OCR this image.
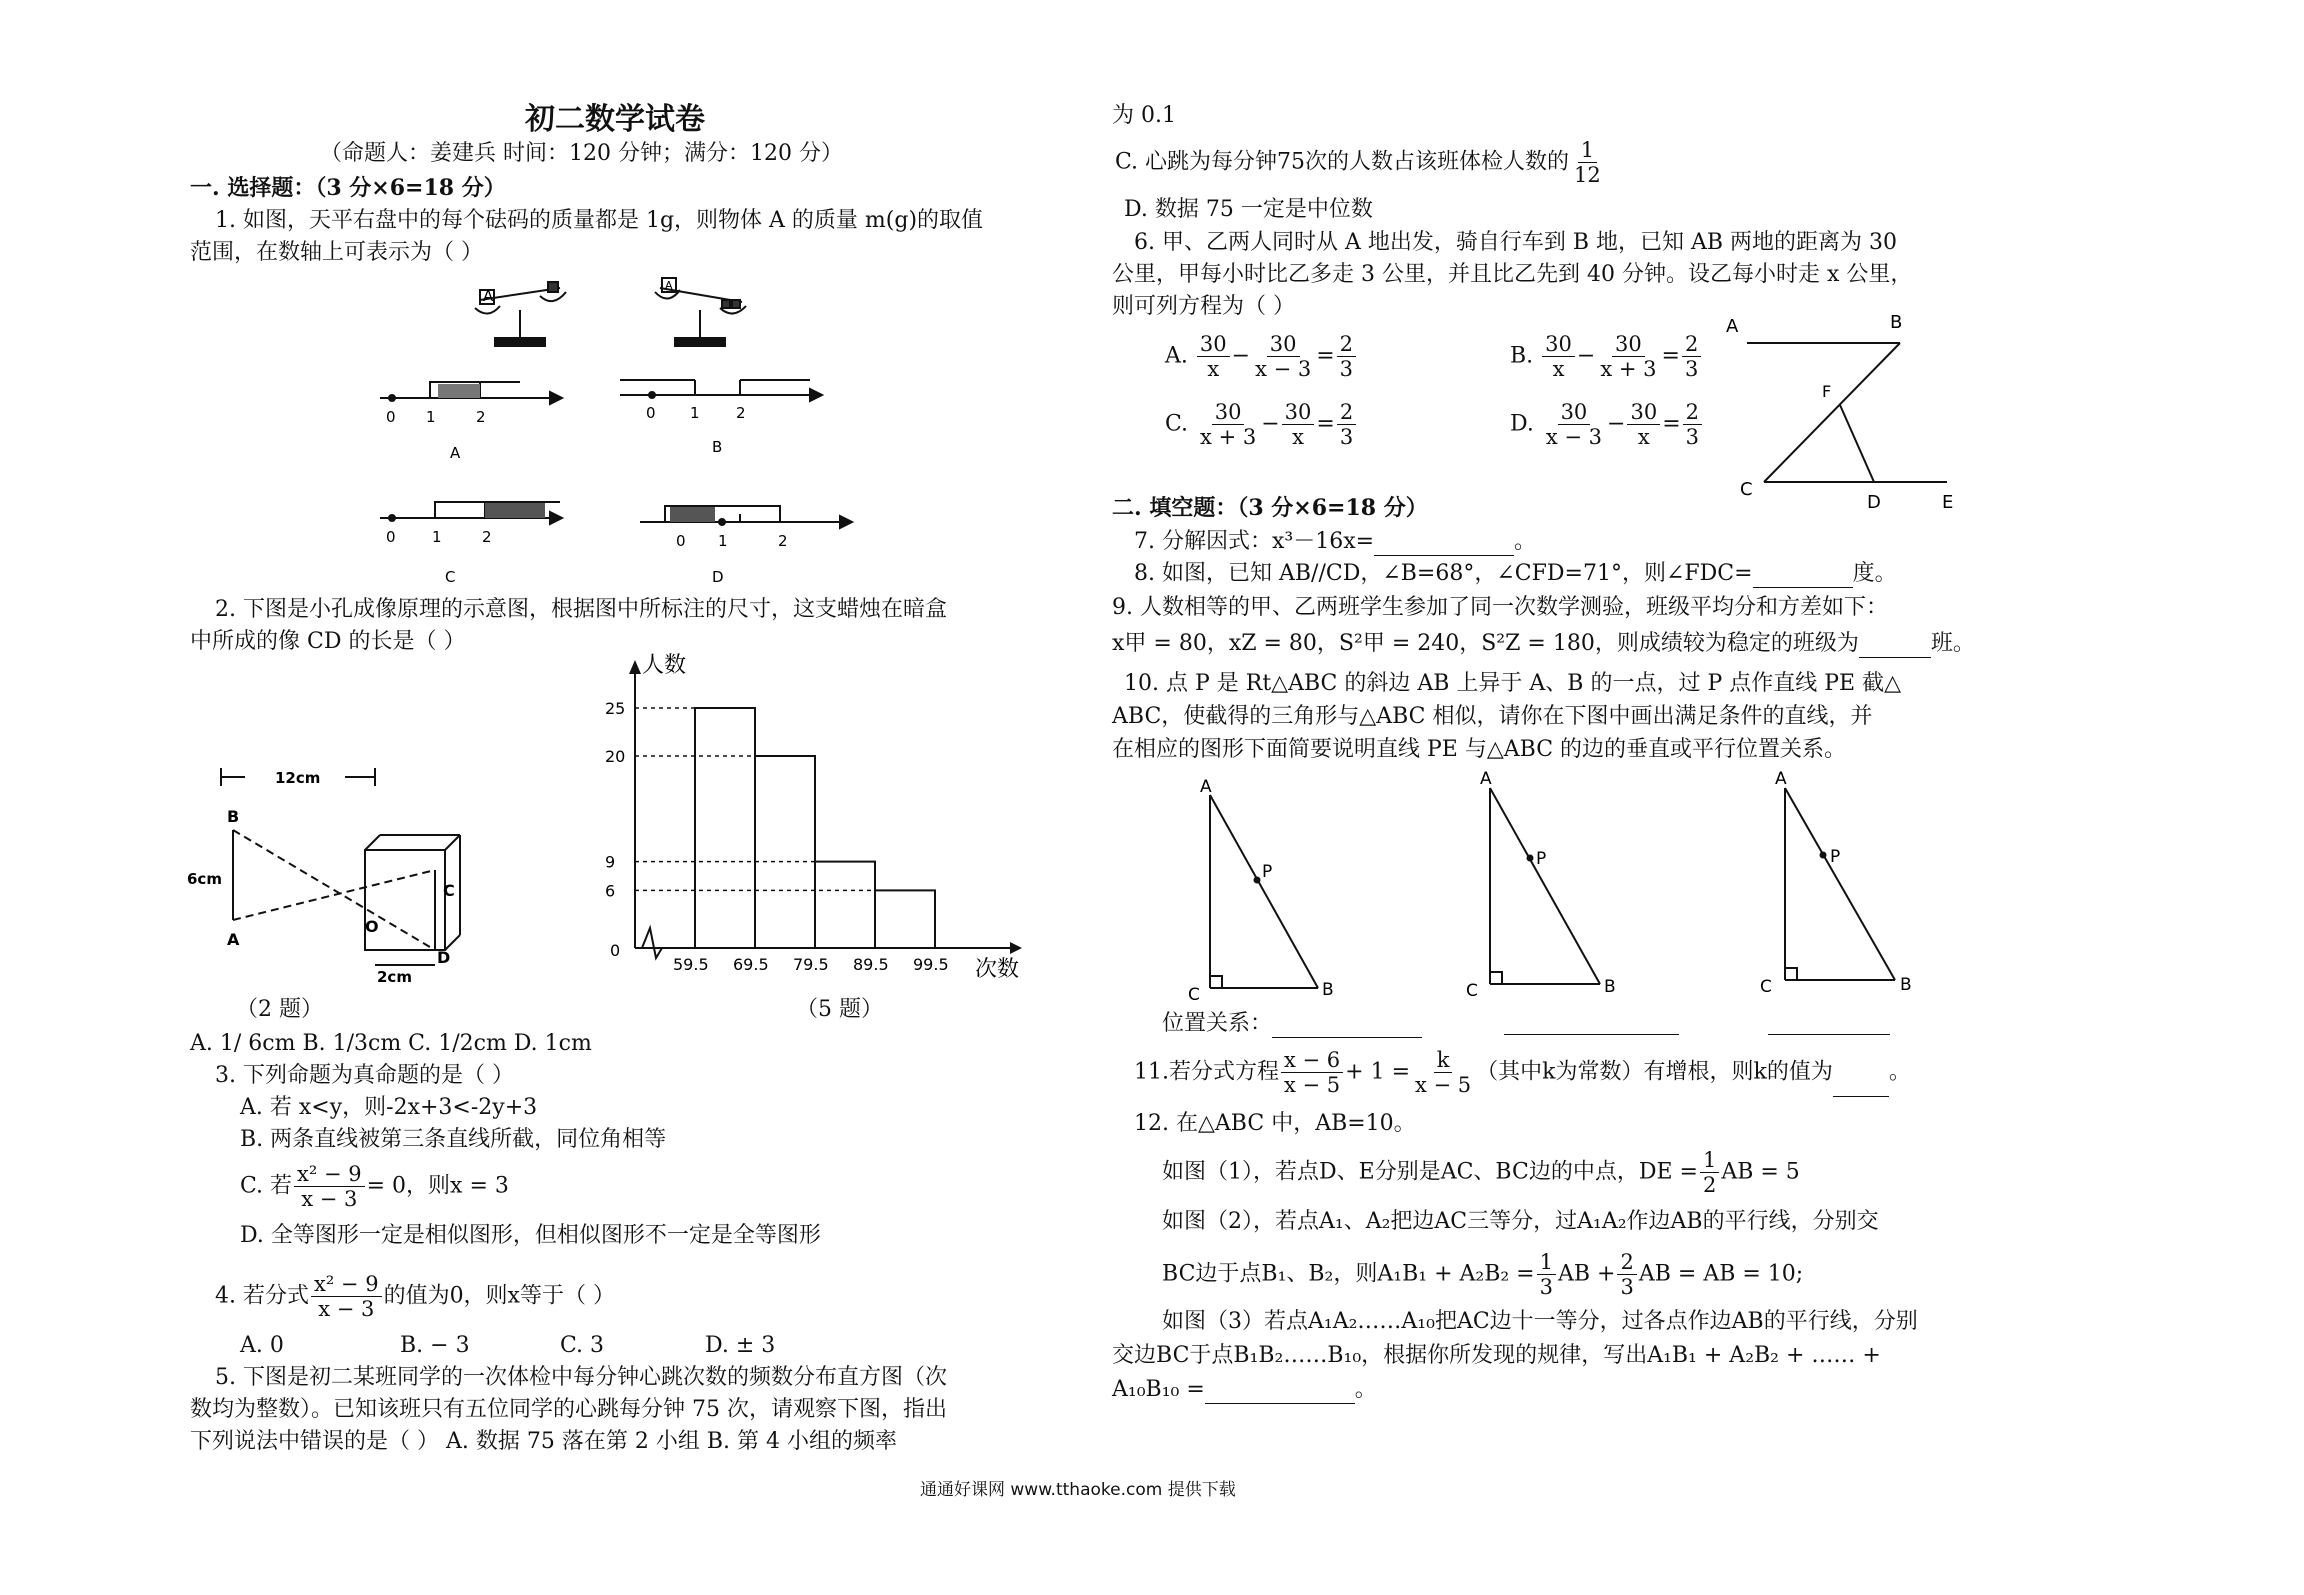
初二数学试卷
（命题人：姜建兵 时间：120 分钟；满分：120 分）
一. 选择题：（3 分×6=18 分）
1. 如图，天平右盘中的每个砝码的质量都是 1g，则物体 A 的质量 m(g)的取值
范围，在数轴上可表示为（ ）
A
A
0 1	2
A
0 1 2
B
0 1	2
C
0 1	2
D
2. 下图是小孔成像原理的示意图，根据图中所标注的尺寸，这支蜡烛在暗盒
中所成的像 CD 的长是（ ）
12cm
6cm
2cm
B
A
C
D
O
（2 题）
0
6
9
20
25
59.5 69.5 79.5 89.5 99.5
人数
次数
（5 题）
A. 1/ 6cm B. 1/3cm C. 1/2cm D. 1cm
3. 下列命题为真命题的是（ ）
A. 若 x<y，则-2x+3<-2y+3
B. 两条直线被第三条直线所截，同位角相等
C. 若 $\frac{\text{x² − 9}}{x - 3} = 0$，则x = 3
D. 全等图形一定是相似图形，但相似图形不一定是全等图形
4. 若分式 $\frac{\text{x² − 9}}{x - 3}$ 的值为0，则x等于（ ）
A. 0	B. − 3	C. 3	D. ± 3
5. 下图是初二某班同学的一次体检中每分钟心跳次数的频数分布直方图（次
数均为整数）。已知该班只有五位同学的心跳每分钟 75 次，请观察下图，指出
下列说法中错误的是（ ） A. 数据 75 落在第 2 小组 B. 第 4 小组的频率
为 0.1
C. 心跳为每分钟75次的人数占该班体检人数的 $\frac{1}{12}$
D. 数据 75 一定是中位数
6. 甲、乙两人同时从 A 地出发，骑自行车到 B 地，已知 AB 两地的距离为 30
公里，甲每小时比乙多走 3 公里，并且比乙先到 40 分钟。设乙每小时走 x 公里，
则可列方程为（ ）
A. $\frac{30}{x} - \frac{30}{x - 3} = \frac{2}{3}$	B. $\frac{30}{x} - \frac{30}{x + 3} = \frac{2}{3}$
C. $\frac{30}{x + 3} - \frac{30}{x} = \frac{2}{3}$	D. $\frac{30}{x - 3} - \frac{30}{x} = \frac{2}{3}$
A	B
F
C
D	E
二. 填空题：（3 分×6=18 分）
7. 分解因式：x³－16x=	。
8. 如图，已知 AB//CD，∠B=68°，∠CFD=71°，则∠FDC=	度。
9. 人数相等的甲、乙两班学生参加了同一次数学测验，班级平均分和方差如下：
x甲 = 80，xZ = 80，S²甲 = 240，S²Z = 180，则成绩较为稳定的班级为	班。
10. 点 P 是 Rt△ABC 的斜边 AB 上异于 A、B 的一点，过 P 点作直线 PE 截△
ABC，使截得的三角形与△ABC 相似，请你在下图中画出满足条件的直线，并
在相应的图形下面简要说明直线 PE 与△ABC 的边的垂直或平行位置关系。
A
P
C	B
A
P
C	B
A
P
C	B
位置关系：
11.若分式方程 $\frac{x - 6}{x - 5} + 1 = \frac{k}{x - 5}$ （其中k为常数）有增根，则k的值为	。
12. 在△ABC 中，AB=10。
如图（1），若点D、E分别是AC、BC边的中点，DE = $\frac{1}{2}$ AB = 5
如图（2），若点A₁、A₂把边AC三等分，过A₁A₂作边AB的平行线，分别交
BC边于点B₁、B₂，则$A_1B_1 + A_2B_2 = \frac{1}{3}$ AB + $\frac{2}{3}$ AB = AB = 10;
如图（3）若点A₁A₂……A₁₀把AC边十一等分，过各点作边AB的平行线，分别
交边BC于点B₁B₂……B₁₀，根据你所发现的规律，写出A₁B₁ + A₂B₂ + …… +
A₁₀B₁₀ =	。
通通好课网 www.tthaoke.com 提供下载
